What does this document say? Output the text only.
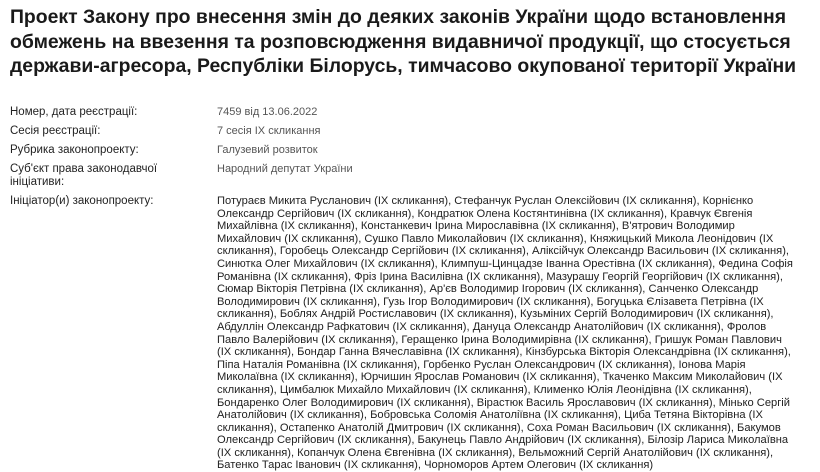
Проект Закону про внесення змін до деяких законів України щодо встановлення обмежень на ввезення та розповсюдження видавничої продукції, що стосується держави-агресора, Республіки Білорусь, тимчасово окупованої території України
Номер, дата реєстрації:	7459 від 13.06.2022
Сесія реєстрації:	7 сесія IX скликання
Рубрика законопроекту:	Галузевий розвиток
Суб'єкт права законодавчої ініціативи:
Народний депутат України
Ініціатор(и) законопроекту:	Потураєв Микита Русланович (IX скликання), Стефанчук Руслан Олексійович (IX скликання), Корнієнко Олександр Сергійович (IX скликання), Кондратюк Олена Костянтинівна (IX скликання), Кравчук Євгенія Михайлівна (IX скликання), Констанкевич Ірина Мирославівна (IX скликання), В'ятрович Володимир Михайлович (IX скликання), Сушко Павло Миколайович (IX скликання), Княжицький Микола Леонідович (IX скликання), Горобець Олександр Сергійович (IX скликання), Аліксійчук Олександр Васильович (IX скликання), Синютка Олег Михайлович (IX скликання), Климпуш-Цинцадзе Іванна Орестівна (IX скликання), Федина Софія Романівна (IX скликання), Фріз Ірина Василівна (IX скликання), Мазурашу Георгій Георгійович (IX скликання), Сюмар Вікторія Петрівна (IX скликання), Ар'єв Володимир Ігорович (IX скликання), Санченко Олександр Володимирович (IX скликання), Гузь Ігор Володимирович (IX скликання), Богуцька Єлізавета Петрівна (IX скликання), Боблях Андрій Ростиславович (IX скликання), Кузьміних Сергій Володимирович (IX скликання), Абдуллін Олександр Рафкатович (IX скликання), Дануца Олександр Анатолійович (IX скликання), Фролов Павло Валерійович (IX скликання), Геращенко Ірина Володимирівна (IX скликання), Гришук Роман Павлович (IX скликання), Бондар Ганна Вячеславівна (IX скликання), Кінзбурська Вікторія Олександрівна (IX скликання), Піпа Наталія Романівна (IX скликання), Горбенко Руслан Олександрович (IX скликання), Іонова Марія Миколаївна (IX скликання), Юрчишин Ярослав Романович (IX скликання), Ткаченко Максим Миколайович (IX скликання), Цимбалюк Михайло Михайлович (IX скликання), Клименко Юлія Леонідівна (IX скликання), Бондаренко Олег Володимирович (IX скликання), Вірастюк Василь Ярославович (IX скликання), Мінько Сергій Анатолійович (IX скликання), Бобровська Соломія Анатоліївна (IX скликання), Циба Тетяна Вікторівна (IX скликання), Остапенко Анатолій Дмитрович (IX скликання), Соха Роман Васильович (IX скликання), Бакумов Олександр Сергійович (IX скликання), Бакунець Павло Андрійович (IX скликання), Білозір Лариса Миколаївна (IX скликання), Копанчук Олена Євгенівна (IX скликання), Вельможний Сергій Анатолійович (IX скликання), Батенко Тарас Іванович (IX скликання), Чорноморов Артем Олегович (IX скликання)
